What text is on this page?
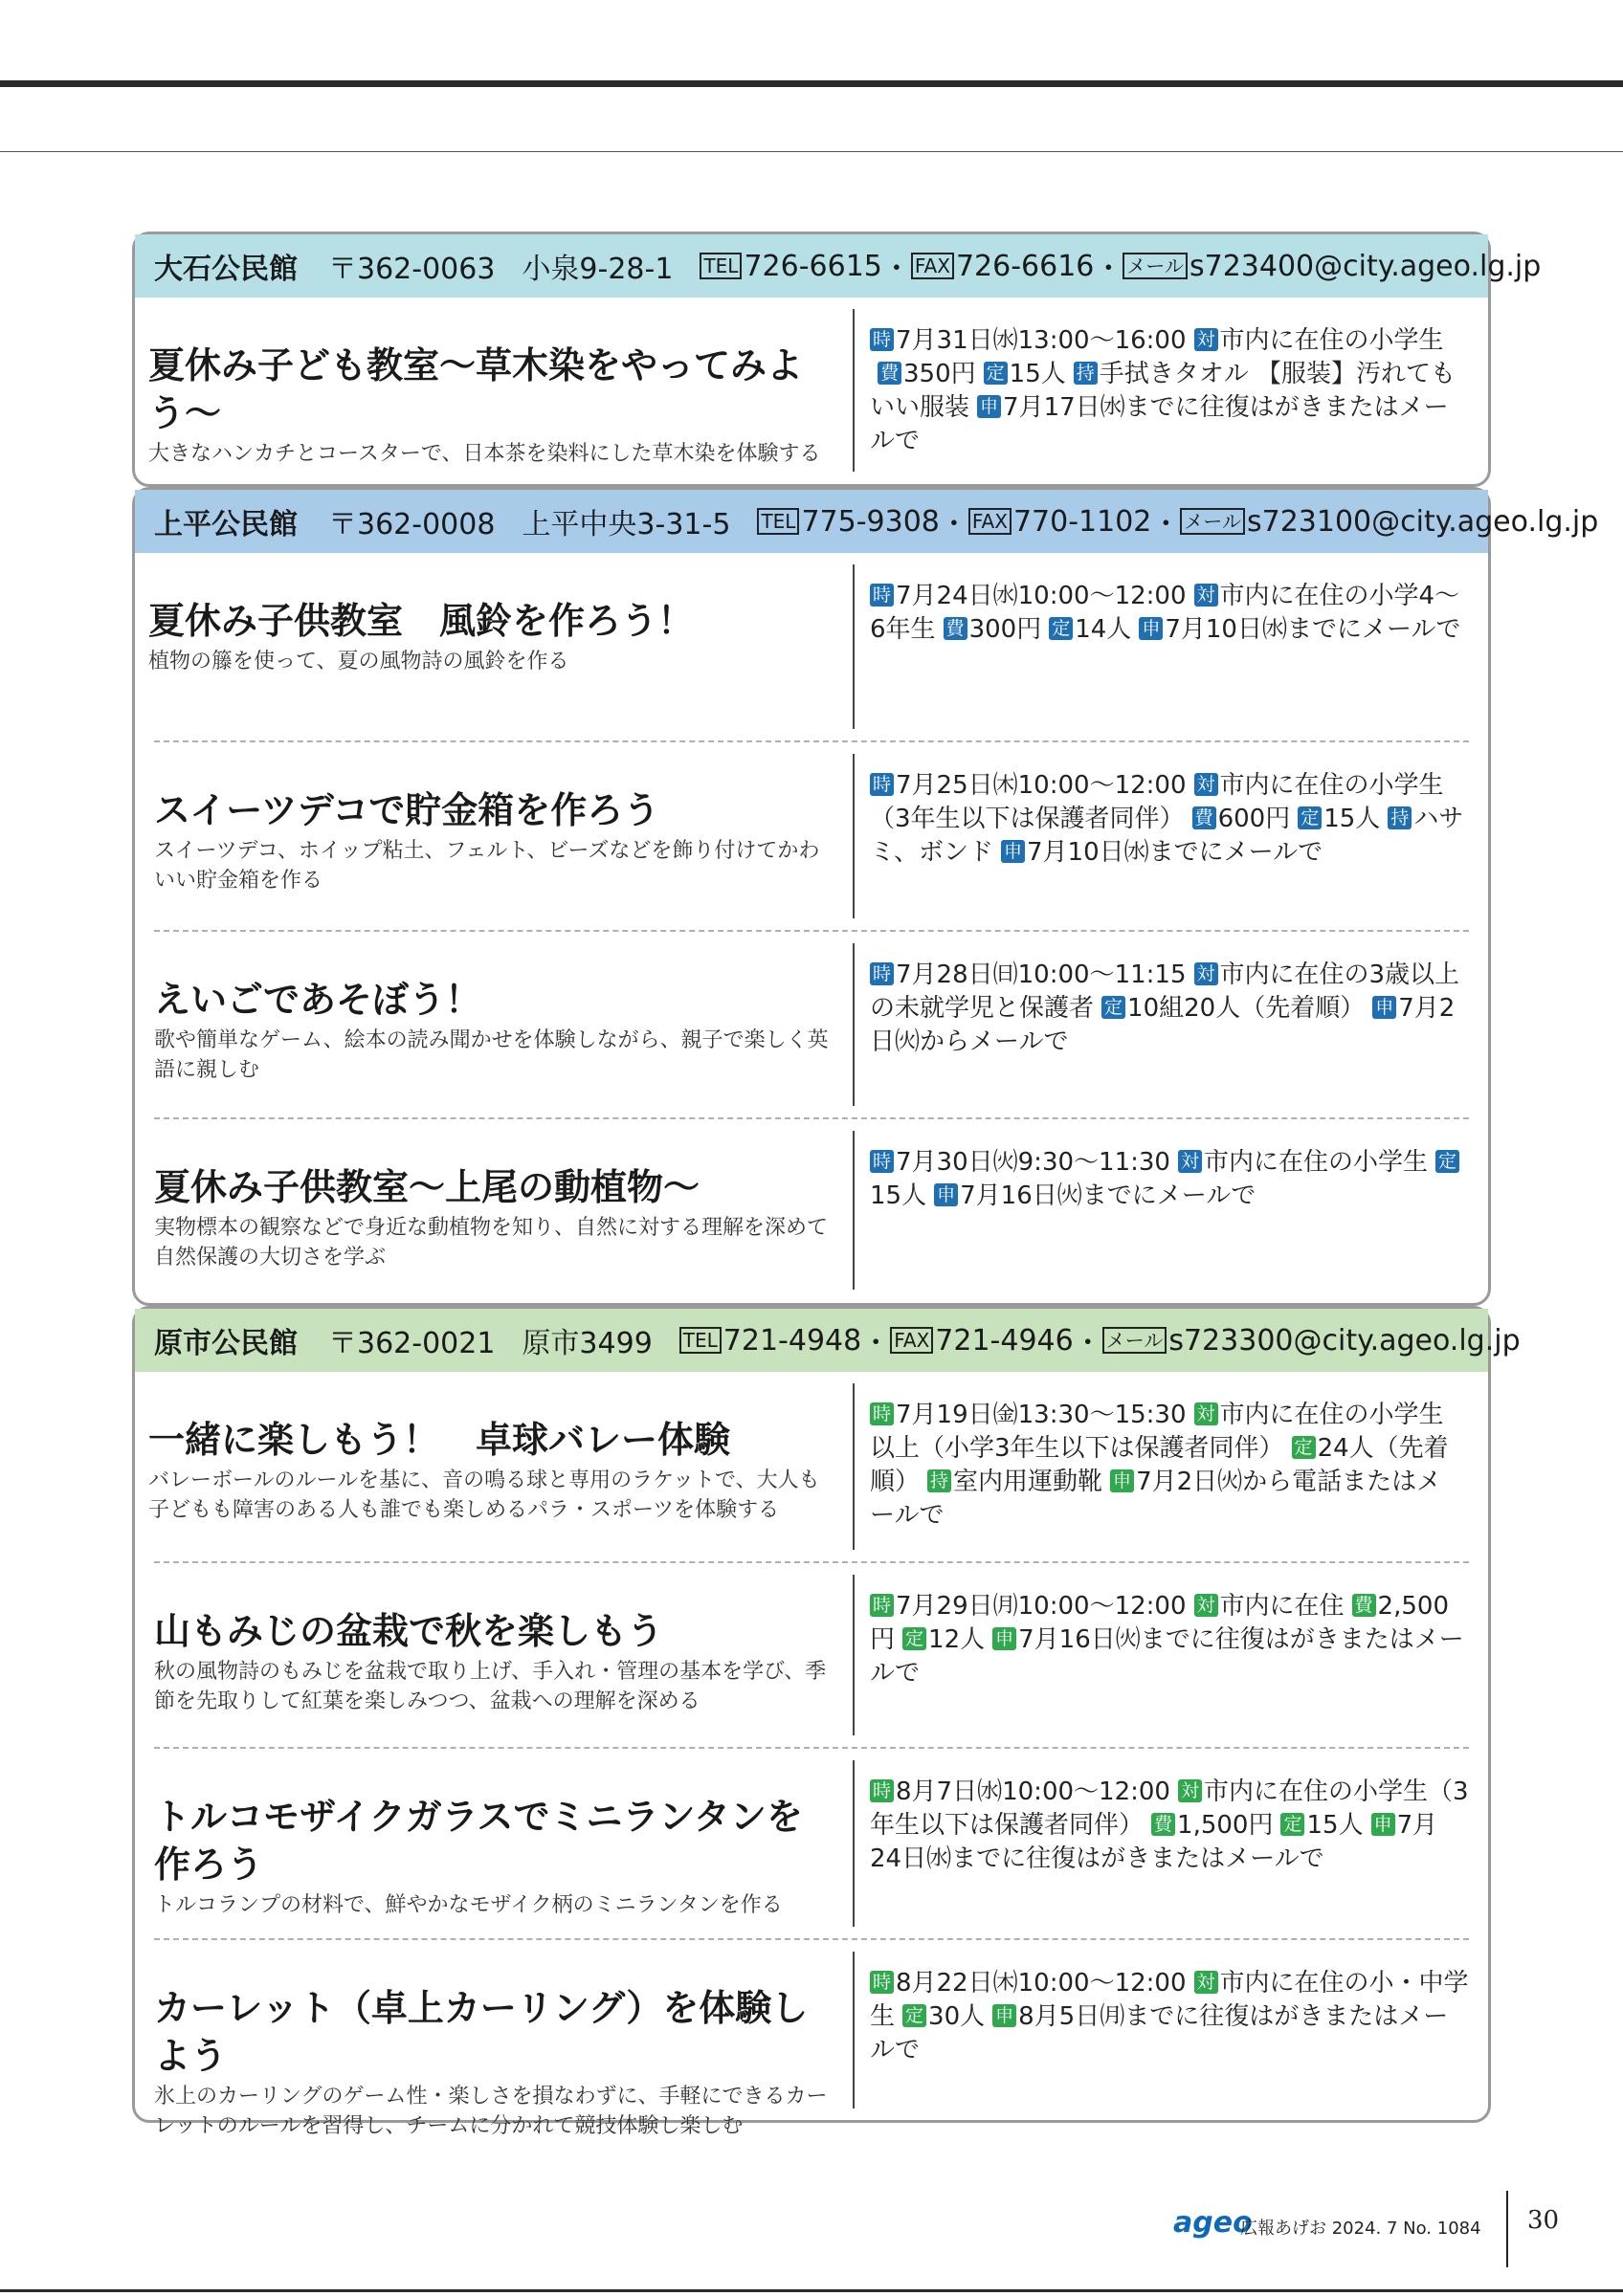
大石公民館 〒362-0063 小泉9-28-1 TEL 726-6615 ・ FAX 726-6616 ・ メール s723400@city.ageo.lg.jp
夏休み子ども教室～草木染をやってみよう～
大きなハンカチとコースターで、日本茶を染料にした草木染を体験する
時 7月31日㈬13:00～16:00 対 市内に在住の小学生費 350円 定 15人 持 手拭きタオル 【服装】汚れてもいい服装 申 7月17日㈬までに往復はがきまたはメールで
上平公民館 〒362-0008 上平中央3-31-5 TEL 775-9308 ・ FAX 770-1102 ・ メール s723100@city.ageo.lg.jp
夏休み子供教室　風鈴を作ろう！
植物の籐を使って、夏の風物詩の風鈴を作る
時 7月24日㈬10:00～12:00 対 市内に在住の小学4～6年生 費 300円 定 14人 申 7月10日㈬までにメールで
スイーツデコで貯金箱を作ろう
スイーツデコ、ホイップ粘土、フェルト、ビーズなどを飾り付けてかわいい貯金箱を作る
時 7月25日㈭10:00～12:00 対 市内に在住の小学生（3年生以下は保護者同伴） 費 600円 定 15人 持 ハサミ、ボンド 申 7月10日㈬までにメールで
えいごであそぼう！
歌や簡単なゲーム、絵本の読み聞かせを体験しながら、親子で楽しく英語に親しむ
時 7月28日㈰10:00～11:15 対 市内に在住の3歳以上の未就学児と保護者 定 10組20人（先着順） 申 7月2日㈫からメールで
夏休み子供教室～上尾の動植物～
実物標本の観察などで身近な動植物を知り、自然に対する理解を深めて自然保護の大切さを学ぶ
時 7月30日㈫9:30～11:30 対 市内に在住の小学生 定15人 申 7月16日㈫までにメールで
原市公民館 〒362-0021 原市3499 TEL 721-4948 ・ FAX 721-4946 ・ メール s723300@city.ageo.lg.jp
一緒に楽しもう！　卓球バレー体験
バレーボールのルールを基に、音の鳴る球と専用のラケットで、大人も子どもも障害のある人も誰でも楽しめるパラ・スポーツを体験する
時 7月19日㈮13:30～15:30 対 市内に在住の小学生以上（小学3年生以下は保護者同伴） 定 24人（先着順） 持 室内用運動靴 申 7月2日㈫から電話またはメールで
山もみじの盆栽で秋を楽しもう
秋の風物詩のもみじを盆栽で取り上げ、手入れ・管理の基本を学び、季節を先取りして紅葉を楽しみつつ、盆栽への理解を深める
時 7月29日㈪10:00～12:00 対 市内に在住 費 2,500円 定 12人 申 7月16日㈫までに往復はがきまたはメールで
トルコモザイクガラスでミニランタンを作ろう
トルコランプの材料で、鮮やかなモザイク柄のミニランタンを作る
時 8月7日㈬10:00～12:00 対 市内に在住の小学生（3年生以下は保護者同伴） 費 1,500円 定 15人 申 7月24日㈬までに往復はがきまたはメールで
カーレット（卓上カーリング）を体験しよう
氷上のカーリングのゲーム性・楽しさを損なわずに、手軽にできるカーレットのルールを習得し、チームに分かれて競技体験し楽しむ
時 8月22日㈭10:00～12:00 対 市内に在住の小・中学生 定 30人 申 8月5日㈪までに往復はがきまたはメールで
ageo
広報あげお 2024. 7 No. 1084 30
